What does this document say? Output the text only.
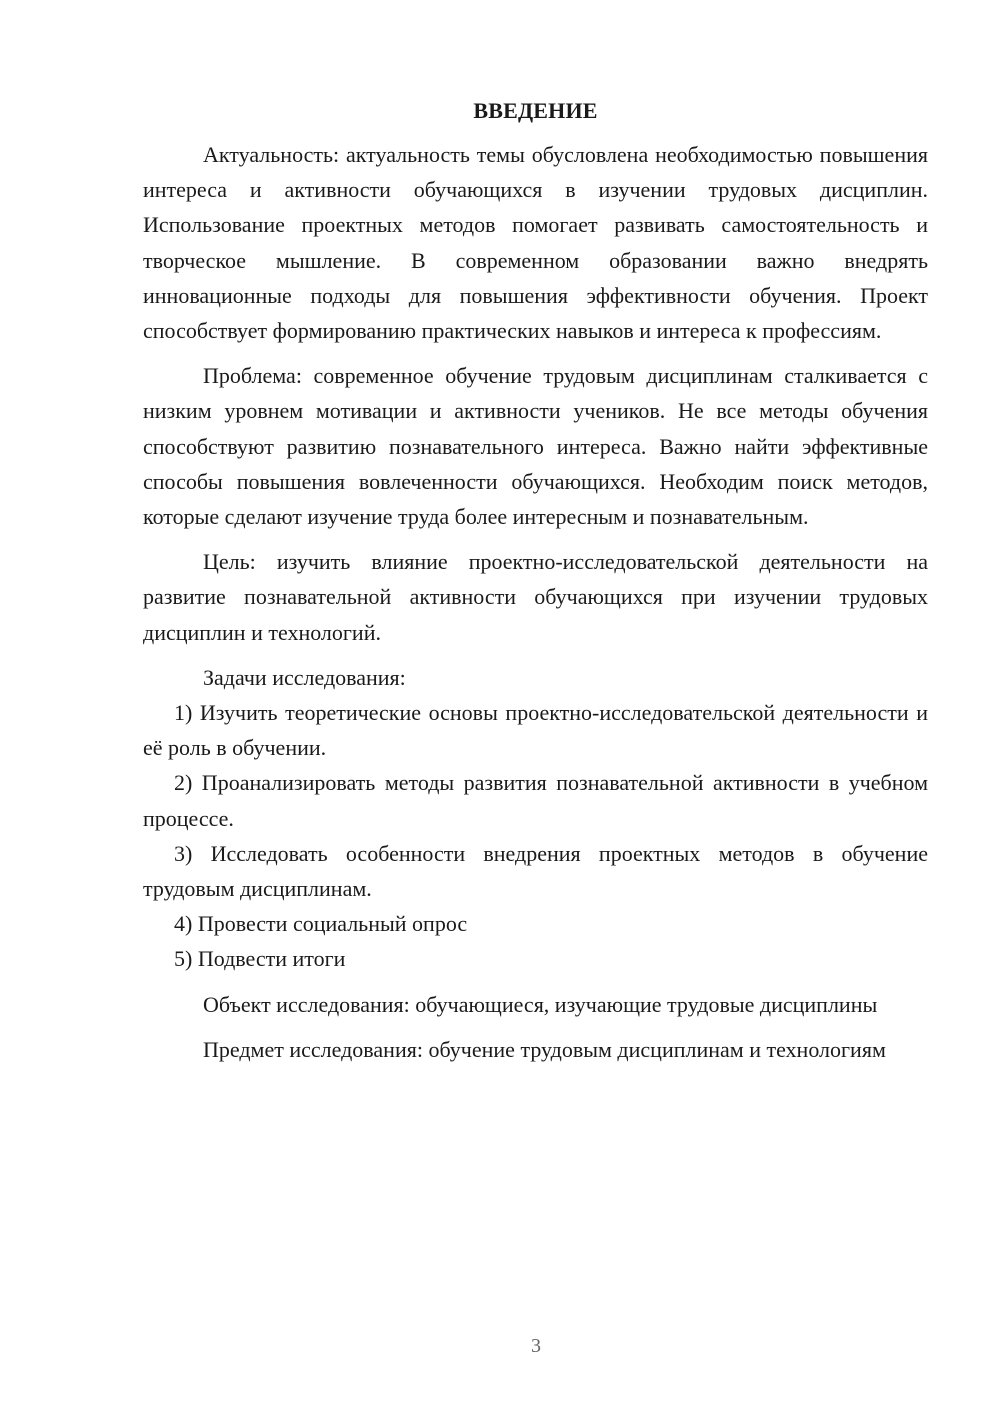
ВВЕДЕНИЕ

Актуальность: актуальность темы обусловлена необходимостью повышения интереса и активности обучающихся в изучении трудовых дисциплин. Использование проектных методов помогает развивать самостоятельность и творческое мышление. В современном образовании важно внедрять инновационные подходы для повышения эффективности обучения. Проект способствует формированию практических навыков и интереса к профессиям.

Проблема: современное обучение трудовым дисциплинам сталкивается с низким уровнем мотивации и активности учеников. Не все методы обучения способствуют развитию познавательного интереса. Важно найти эффективные способы повышения вовлеченности обучающихся. Необходим поиск методов, которые сделают изучение труда более интересным и познавательным.

Цель: изучить влияние проектно-исследовательской деятельности на развитие познавательной активности обучающихся при изучении трудовых дисциплин и технологий.

Задачи исследования:

1) Изучить теоретические основы проектно-исследовательской деятельности и её роль в обучении.

2) Проанализировать методы развития познавательной активности в учебном процессе.

3) Исследовать особенности внедрения проектных методов в обучение трудовым дисциплинам.

4) Провести социальный опрос

5) Подвести итоги

Объект исследования: обучающиеся, изучающие трудовые дисциплины

Предмет исследования: обучение трудовым дисциплинам и технологиям

3
